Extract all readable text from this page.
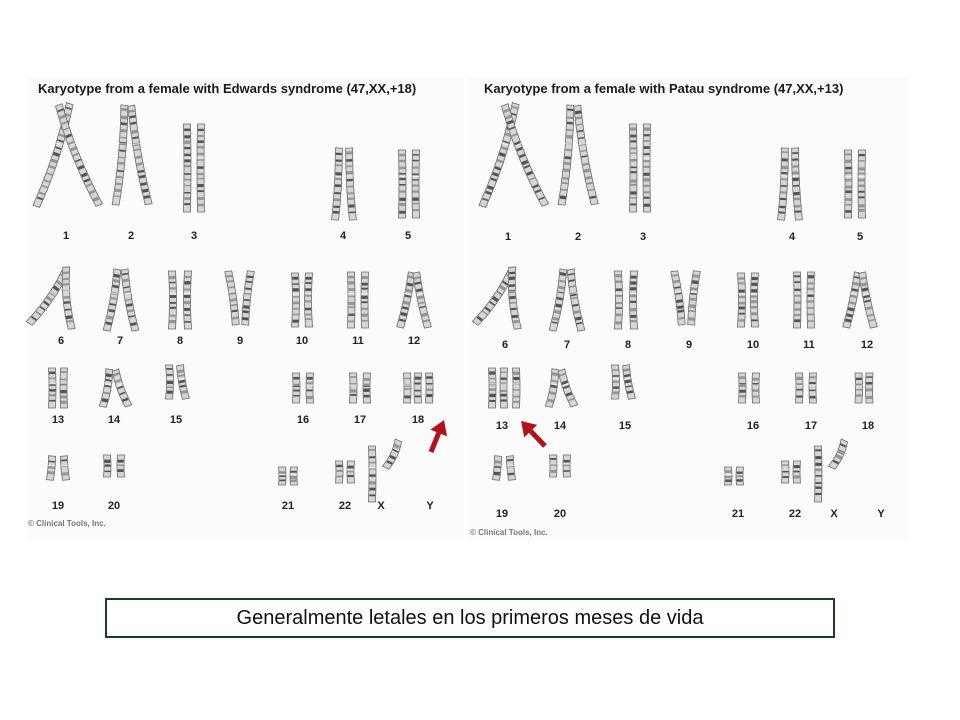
Karyotype from a female with Edwards syndrome (47,XX,+18)
1	2	3	4	5
6	7	8	9	10	11	12
13	14	15	16	17	18
19	20	21	22	X	Y
© Clinical Tools, Inc.
Karyotype from a female with Patau syndrome (47,XX,+13)
1	2	3	4	5
6	7	8	9	10	11	12
13	14	15	16	17	18
19	20	21	22	X	Y
© Clinical Tools, Inc.
Generalmente letales en los primeros meses de vida
